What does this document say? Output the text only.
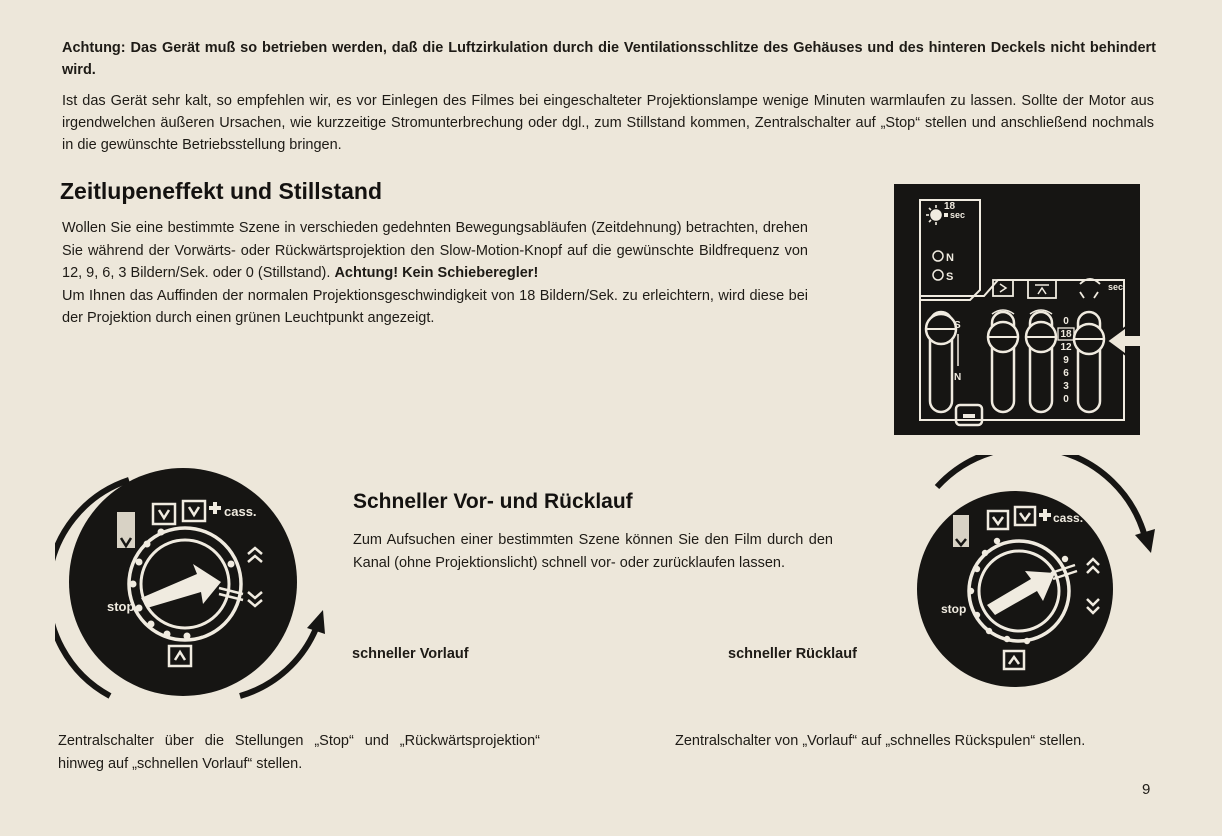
Achtung: Das Gerät muß so betrieben werden, daß die Luftzirkulation durch die Ventilationsschlitze des Gehäuses und des hinteren Deckels nicht behindert wird.
Ist das Gerät sehr kalt, so empfehlen wir, es vor Einlegen des Filmes bei eingeschalteter Projektionslampe wenige Minuten warmlaufen zu lassen. Sollte der Motor aus irgendwelchen äußeren Ursachen, wie kurzzeitige Stromunterbrechung oder dgl., zum Stillstand kommen, Zentralschalter auf „Stop“ stellen und anschließend nochmals in die gewünschte Betriebsstellung bringen.
Zeitlupeneffekt und Stillstand
Wollen Sie eine bestimmte Szene in verschieden gedehnten Bewegungsabläufen (Zeitdehnung) betrachten, drehen Sie während der Vorwärts- oder Rückwärtsprojektion den Slow-Motion-Knopf auf die gewünschte Bildfrequenz von 12, 9, 6, 3 Bildern/Sek. oder 0 (Stillstand). Achtung! Kein Schieberegler!
Um Ihnen das Auffinden der normalen Projektionsgeschwindigkeit von 18 Bildern/Sek. zu erleichtern, wird diese bei der Projektion durch einen grünen Leuchtpunkt angezeigt.
18
sec
N
S
S
N
sec
0
18
12
9
6
3
0
cass.
stop
Schneller Vor- und Rücklauf
Zum Aufsuchen einer bestimmten Szene können Sie den Film durch den Kanal (ohne Projektionslicht) schnell vor- oder zurücklaufen lassen.
schneller Vorlauf	schneller Rücklauf
cass.
stop
Zentralschalter über die Stellungen „Stop“ und „Rückwärtsprojektion“ hinweg auf „schnellen Vorlauf“ stellen.
Zentralschalter von „Vorlauf“ auf „schnelles Rückspulen“ stellen.
9
